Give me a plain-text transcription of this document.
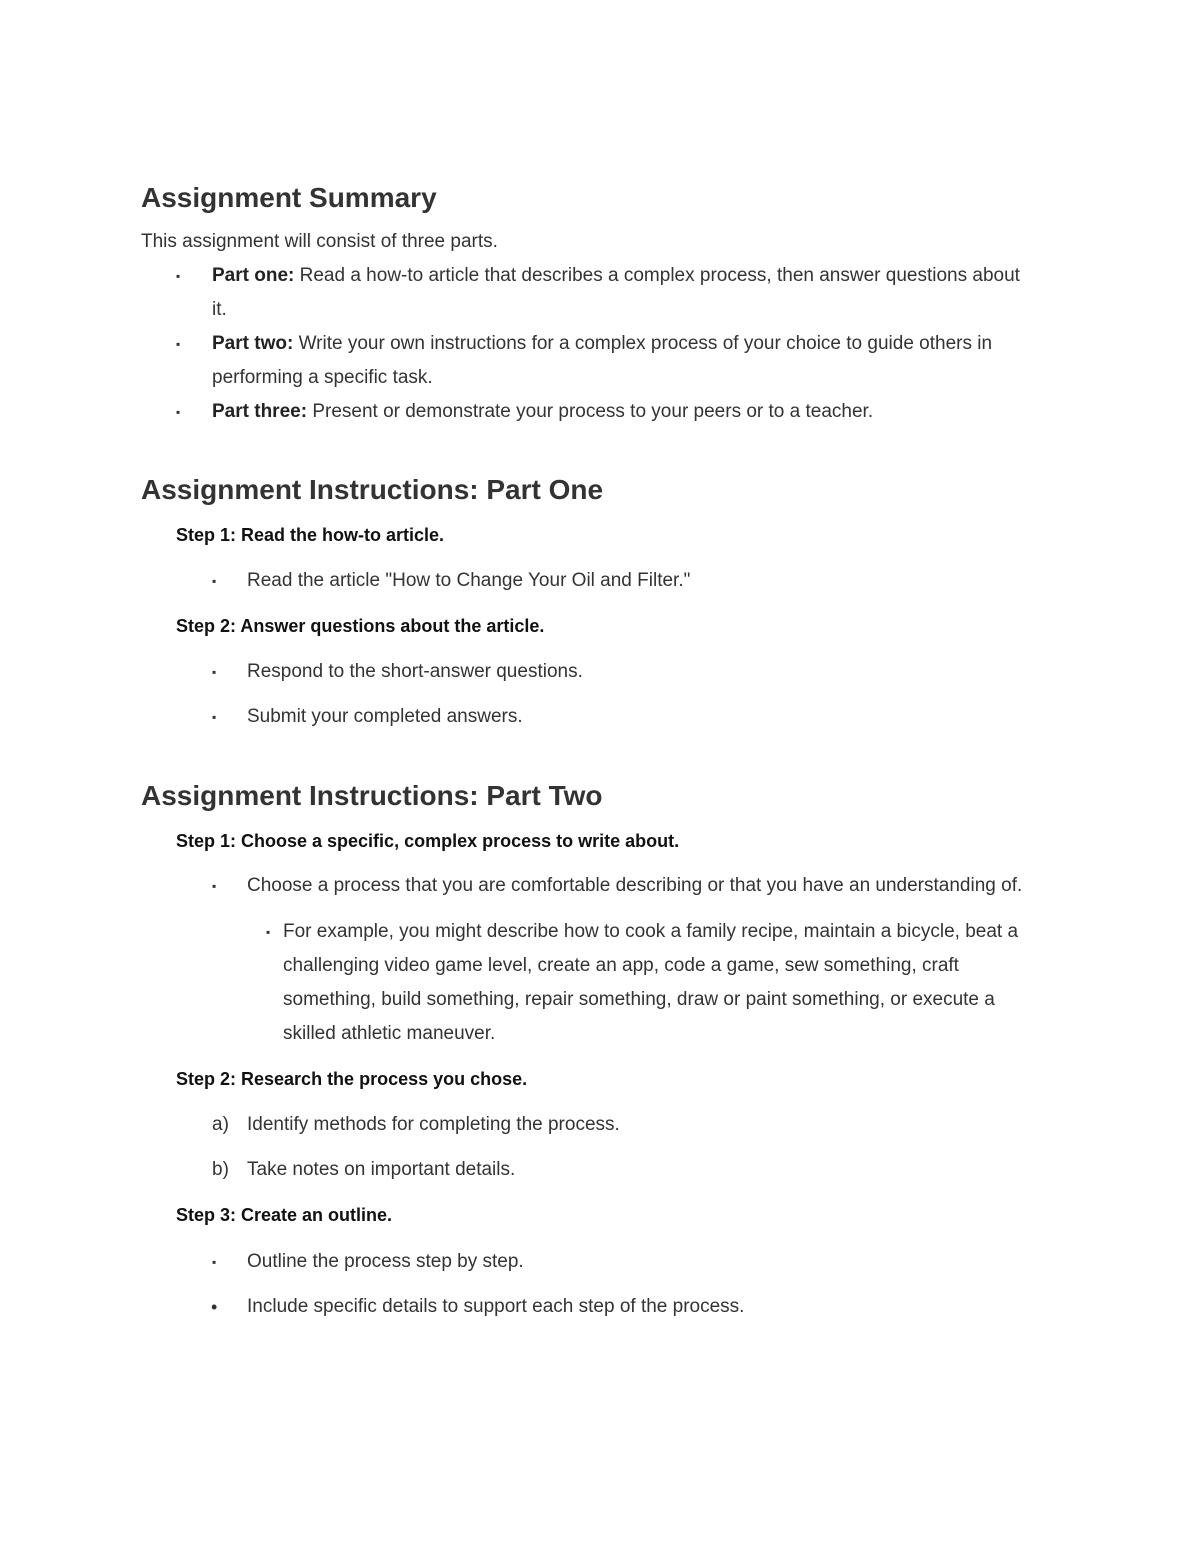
Assignment Summary
This assignment will consist of three parts.
▪ Part one: Read a how-to article that describes a complex process, then answer questions about
it.
▪ Part two: Write your own instructions for a complex process of your choice to guide others in
performing a specific task.
▪ Part three: Present or demonstrate your process to your peers or to a teacher.
Assignment Instructions: Part One
Step 1: Read the how-to article.
▪ Read the article "How to Change Your Oil and Filter."
Step 2: Answer questions about the article.
▪ Respond to the short-answer questions.
▪ Submit your completed answers.
Assignment Instructions: Part Two
Step 1: Choose a specific, complex process to write about.
▪ Choose a process that you are comfortable describing or that you have an understanding of.
▪ For example, you might describe how to cook a family recipe, maintain a bicycle, beat a
challenging video game level, create an app, code a game, sew something, craft
something, build something, repair something, draw or paint something, or execute a
skilled athletic maneuver.
Step 2: Research the process you chose.
a) Identify methods for completing the process.
b) Take notes on important details.
Step 3: Create an outline.
▪ Outline the process step by step.
• Include specific details to support each step of the process.
